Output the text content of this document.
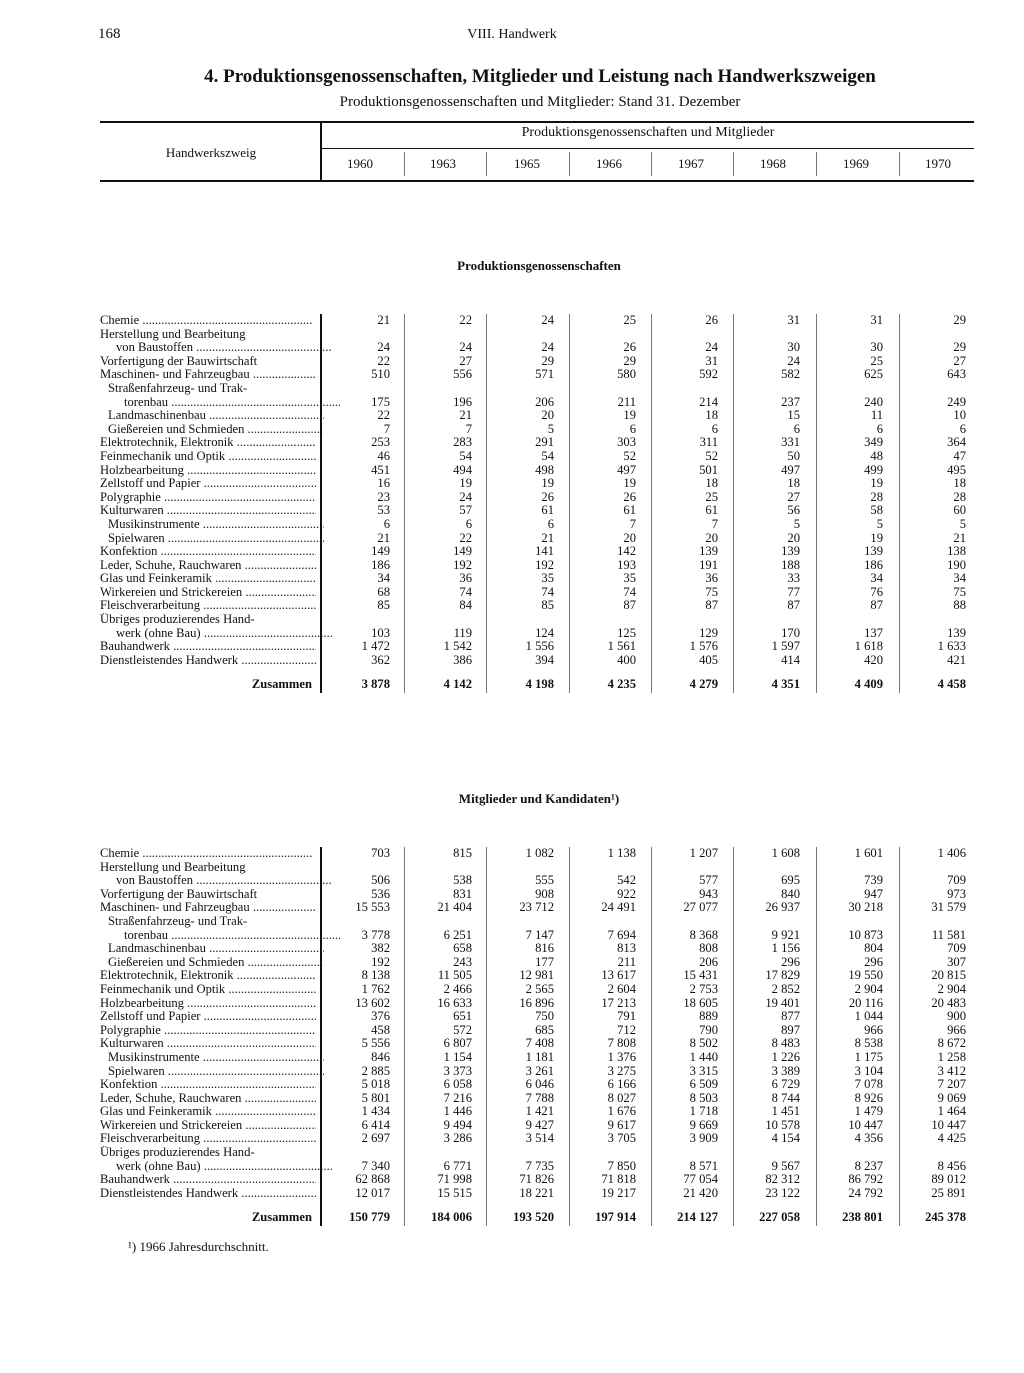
168	VIII. Handwerk
4. Produktionsgenossenschaften, Mitglieder und Leistung nach Handwerkszweigen
Produktionsgenossenschaften und Mitglieder: Stand 31. Dezember
Handwerkszweig
Produktionsgenossenschaften und Mitglieder
1960	1963	1965	1966	1967	1968	1969	1970
Produktionsgenossenschaften
Chemie .....	21	22	24	25	26	31	31	29
Herstellung und Bearbeitung
von Baustoffen .....	24	24	24	26	24	30	30	29
Vorfertigung der Bauwirtschaft	22	27	29	29	31	24	25	27
Maschinen- und Fahrzeugbau .....	510	556	571	580	592	582	625	643
Straßenfahrzeug- und Trak-
torenbau .....	175	196	206	211	214	237	240	249
Landmaschinenbau .....	22	21	20	19	18	15	11	10
Gießereien und Schmieden .....	7	7	5	6	6	6	6	6
Elektrotechnik, Elektronik .....	253	283	291	303	311	331	349	364
Feinmechanik und Optik .....	46	54	54	52	52	50	48	47
Holzbearbeitung .....	451	494	498	497	501	497	499	495
Zellstoff und Papier .....	16	19	19	19	18	18	19	18
Polygraphie .....	23	24	26	26	25	27	28	28
Kulturwaren .....	53	57	61	61	61	56	58	60
Musikinstrumente .....	6	6	6	7	7	5	5	5
Spielwaren .....	21	22	21	20	20	20	19	21
Konfektion .....	149	149	141	142	139	139	139	138
Leder, Schuhe, Rauchwaren .....	186	192	192	193	191	188	186	190
Glas und Feinkeramik .....	34	36	35	35	36	33	34	34
Wirkereien und Strickereien .....	68	74	74	74	75	77	76	75
Fleischverarbeitung .....	85	84	85	87	87	87	87	88
Übriges produzierendes Hand-
werk (ohne Bau) .....	103	119	124	125	129	170	137	139
Bauhandwerk .....	1 472	1 542	1 556	1 561	1 576	1 597	1 618	1 633
Dienstleistendes Handwerk .....	362	386	394	400	405	414	420	421
Zusammen	3 878	4 142	4 198	4 235	4 279	4 351	4 409	4 458
Mitglieder und Kandidaten¹)
Chemie .....	703	815	1 082	1 138	1 207	1 608	1 601	1 406
Herstellung und Bearbeitung
von Baustoffen .....	506	538	555	542	577	695	739	709
Vorfertigung der Bauwirtschaft	536	831	908	922	943	840	947	973
Maschinen- und Fahrzeugbau .....	15 553	21 404	23 712	24 491	27 077	26 937	30 218	31 579
Straßenfahrzeug- und Trak-
torenbau .....	3 778	6 251	7 147	7 694	8 368	9 921	10 873	11 581
Landmaschinenbau .....	382	658	816	813	808	1 156	804	709
Gießereien und Schmieden .....	192	243	177	211	206	296	296	307
Elektrotechnik, Elektronik .....	8 138	11 505	12 981	13 617	15 431	17 829	19 550	20 815
Feinmechanik und Optik .....	1 762	2 466	2 565	2 604	2 753	2 852	2 904	2 904
Holzbearbeitung .....	13 602	16 633	16 896	17 213	18 605	19 401	20 116	20 483
Zellstoff und Papier .....	376	651	750	791	889	877	1 044	900
Polygraphie .....	458	572	685	712	790	897	966	966
Kulturwaren .....	5 556	6 807	7 408	7 808	8 502	8 483	8 538	8 672
Musikinstrumente .....	846	1 154	1 181	1 376	1 440	1 226	1 175	1 258
Spielwaren .....	2 885	3 373	3 261	3 275	3 315	3 389	3 104	3 412
Konfektion .....	5 018	6 058	6 046	6 166	6 509	6 729	7 078	7 207
Leder, Schuhe, Rauchwaren .....	5 801	7 216	7 788	8 027	8 503	8 744	8 926	9 069
Glas und Feinkeramik .....	1 434	1 446	1 421	1 676	1 718	1 451	1 479	1 464
Wirkereien und Strickereien .....	6 414	9 494	9 427	9 617	9 669	10 578	10 447	10 447
Fleischverarbeitung .....	2 697	3 286	3 514	3 705	3 909	4 154	4 356	4 425
Übriges produzierendes Hand-
werk (ohne Bau) .....	7 340	6 771	7 735	7 850	8 571	9 567	8 237	8 456
Bauhandwerk .....	62 868	71 998	71 826	71 818	77 054	82 312	86 792	89 012
Dienstleistendes Handwerk .....	12 017	15 515	18 221	19 217	21 420	23 122	24 792	25 891
Zusammen	150 779	184 006	193 520	197 914	214 127	227 058	238 801	245 378
¹) 1966 Jahresdurchschnitt.
